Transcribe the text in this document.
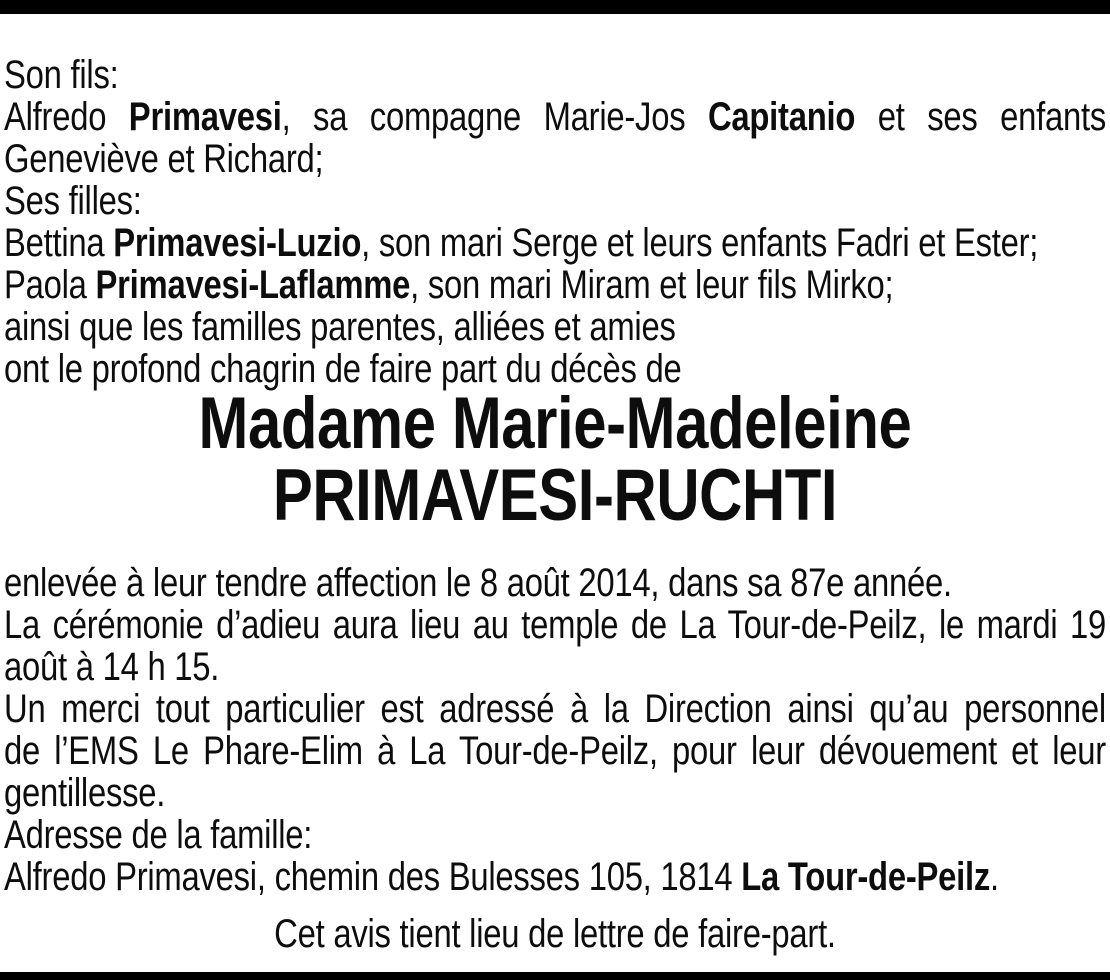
Son fils:
Alfredo Primavesi, sa compagne Marie-Jos Capitanio et ses enfants
Geneviève et Richard;
Ses filles:
Bettina Primavesi-Luzio, son mari Serge et leurs enfants Fadri et Ester;
Paola Primavesi-Laflamme, son mari Miram et leur fils Mirko;
ainsi que les familles parentes, alliées et amies
ont le profond chagrin de faire part du décès de
Madame Marie-Madeleine
PRIMAVESI-RUCHTI
enlevée à leur tendre affection le 8 août 2014, dans sa 87e année.
La cérémonie d’adieu aura lieu au temple de La Tour-de-Peilz, le mardi 19
août à 14 h 15.
Un merci tout particulier est adressé à la Direction ainsi qu’au personnel
de l’EMS Le Phare-Elim à La Tour-de-Peilz, pour leur dévouement et leur
gentillesse.
Adresse de la famille:
Alfredo Primavesi, chemin des Bulesses 105, 1814 La Tour-de-Peilz.
Cet avis tient lieu de lettre de faire-part.
